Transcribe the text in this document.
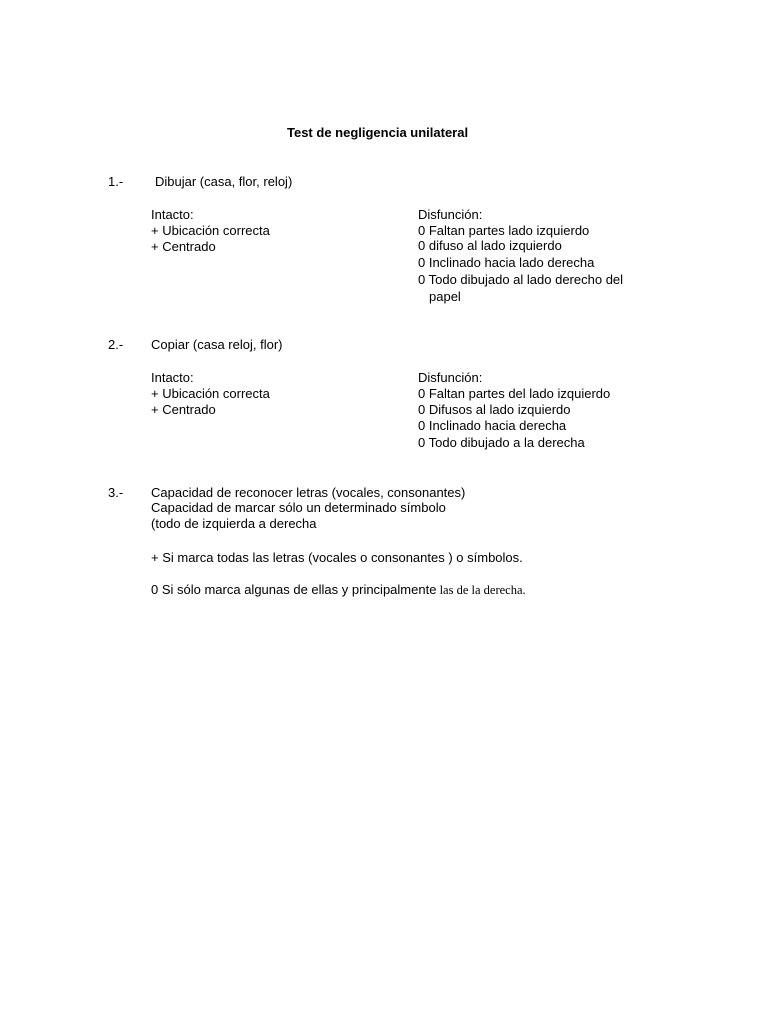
Test de negligencia unilateral
1.- Dibujar (casa, flor, reloj)
Intacto:
+ Ubicación correcta
+ Centrado
Disfunción:
0 Faltan partes lado izquierdo
0 difuso al lado izquierdo
0 Inclinado hacia lado derecha
0 Todo dibujado al lado derecho del
papel
2.- Copiar (casa reloj, flor)
Intacto:
+ Ubicación correcta
+ Centrado
Disfunción:
0 Faltan partes del lado izquierdo
0 Difusos al lado izquierdo
0 Inclinado hacia derecha
0 Todo dibujado a la derecha
3.- Capacidad de reconocer letras (vocales, consonantes)
Capacidad de marcar sólo un determinado símbolo
(todo de izquierda a derecha
+ Si marca todas las letras (vocales o consonantes ) o símbolos.
0 Si sólo marca algunas de ellas y principalmente las de la derecha.
